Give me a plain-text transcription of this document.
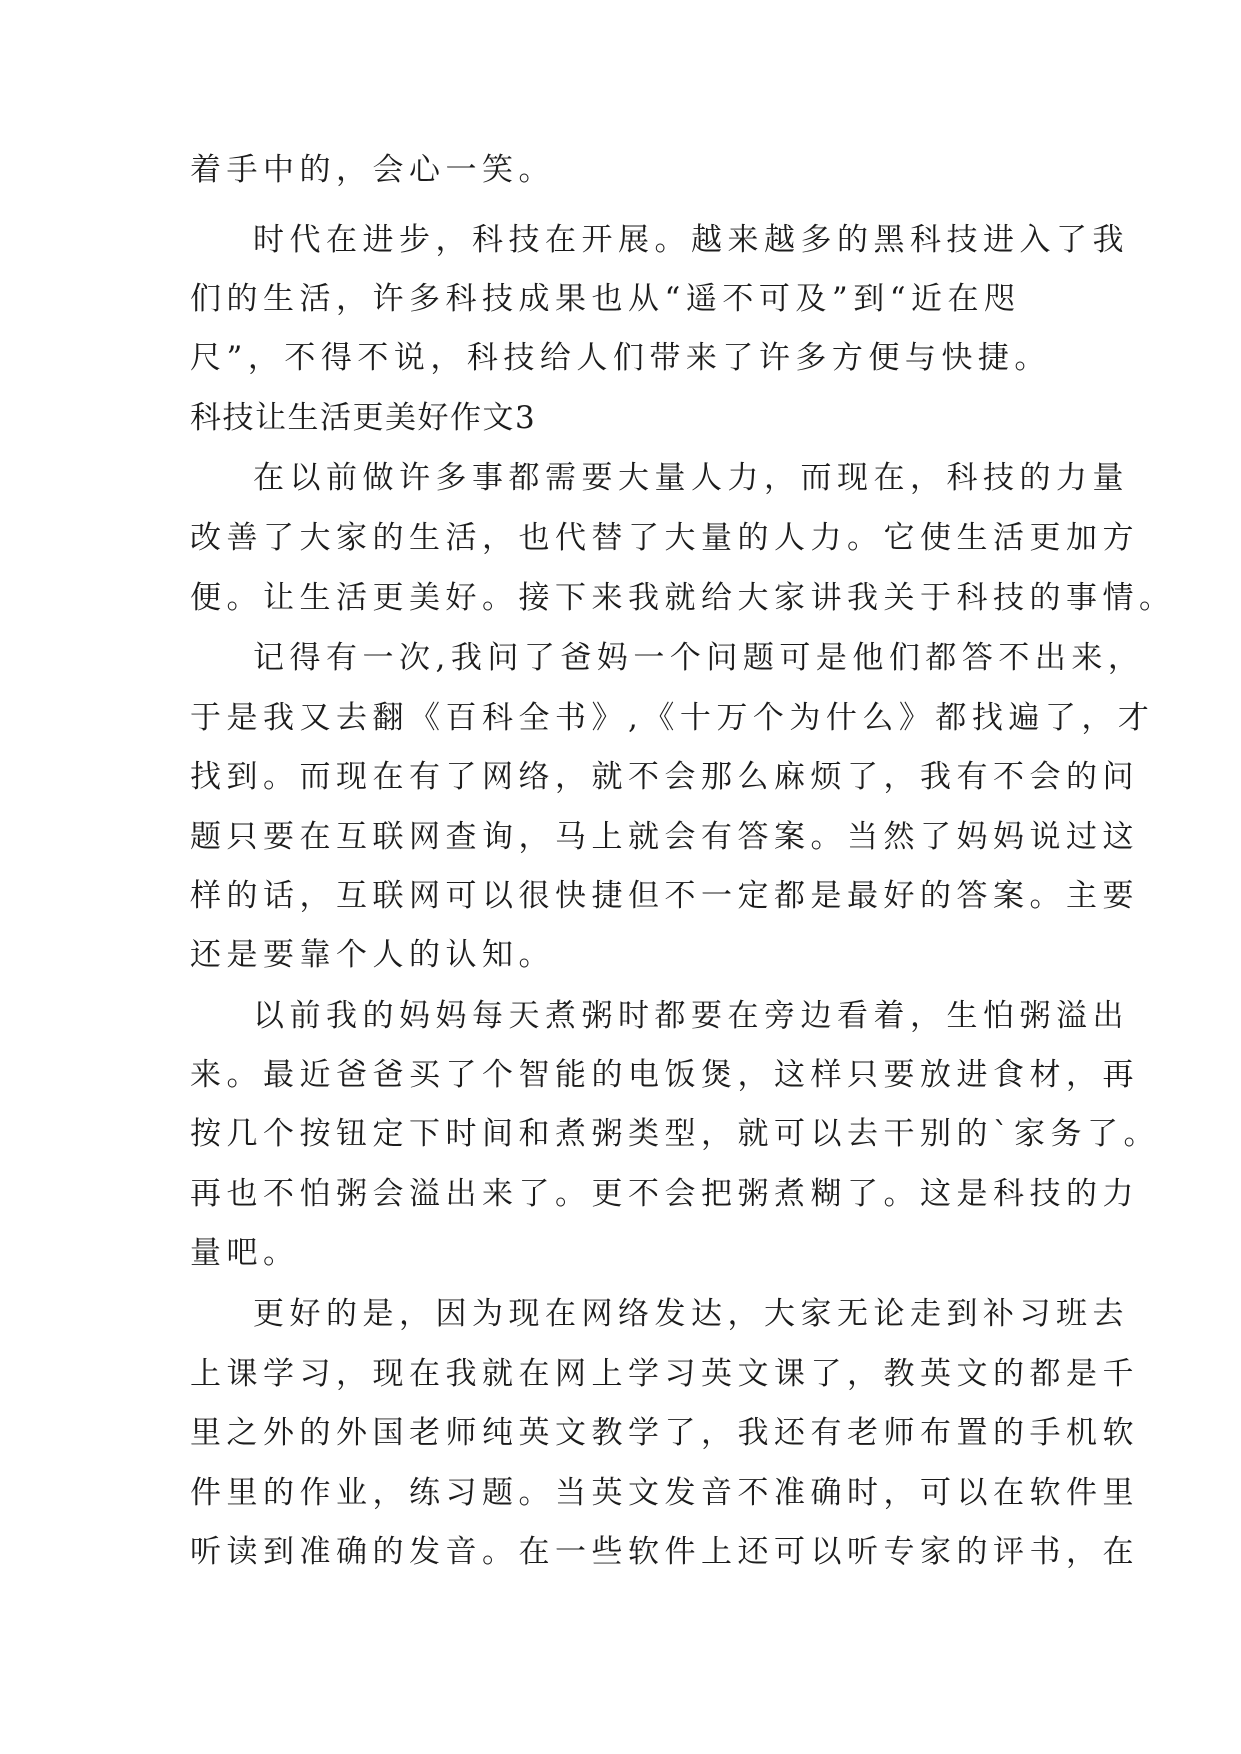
着手中的，会心一笑。
时代在进步，科技在开展。越来越多的黑科技进入了我
们的生活，许多科技成果也从“遥不可及”到“近在咫
尺”，不得不说，科技给人们带来了许多方便与快捷。
科技让生活更美好作文3
在以前做许多事都需要大量人力，而现在，科技的力量
改善了大家的生活，也代替了大量的人力。它使生活更加方
便。让生活更美好。接下来我就给大家讲我关于科技的事情。
记得有一次,我问了爸妈一个问题可是他们都答不出来，
于是我又去翻《百科全书》,《十万个为什么》都找遍了，才
找到。而现在有了网络，就不会那么麻烦了，我有不会的问
题只要在互联网查询，马上就会有答案。当然了妈妈说过这
样的话，互联网可以很快捷但不一定都是最好的答案。主要
还是要靠个人的认知。
以前我的妈妈每天煮粥时都要在旁边看着，生怕粥溢出
来。最近爸爸买了个智能的电饭煲，这样只要放进食材，再
按几个按钮定下时间和煮粥类型，就可以去干别的`家务了。
再也不怕粥会溢出来了。更不会把粥煮糊了。这是科技的力
量吧。
更好的是，因为现在网络发达，大家无论走到补习班去
上课学习，现在我就在网上学习英文课了，教英文的都是千
里之外的外国老师纯英文教学了，我还有老师布置的手机软
件里的作业，练习题。当英文发音不准确时，可以在软件里
听读到准确的发音。在一些软件上还可以听专家的评书，在
